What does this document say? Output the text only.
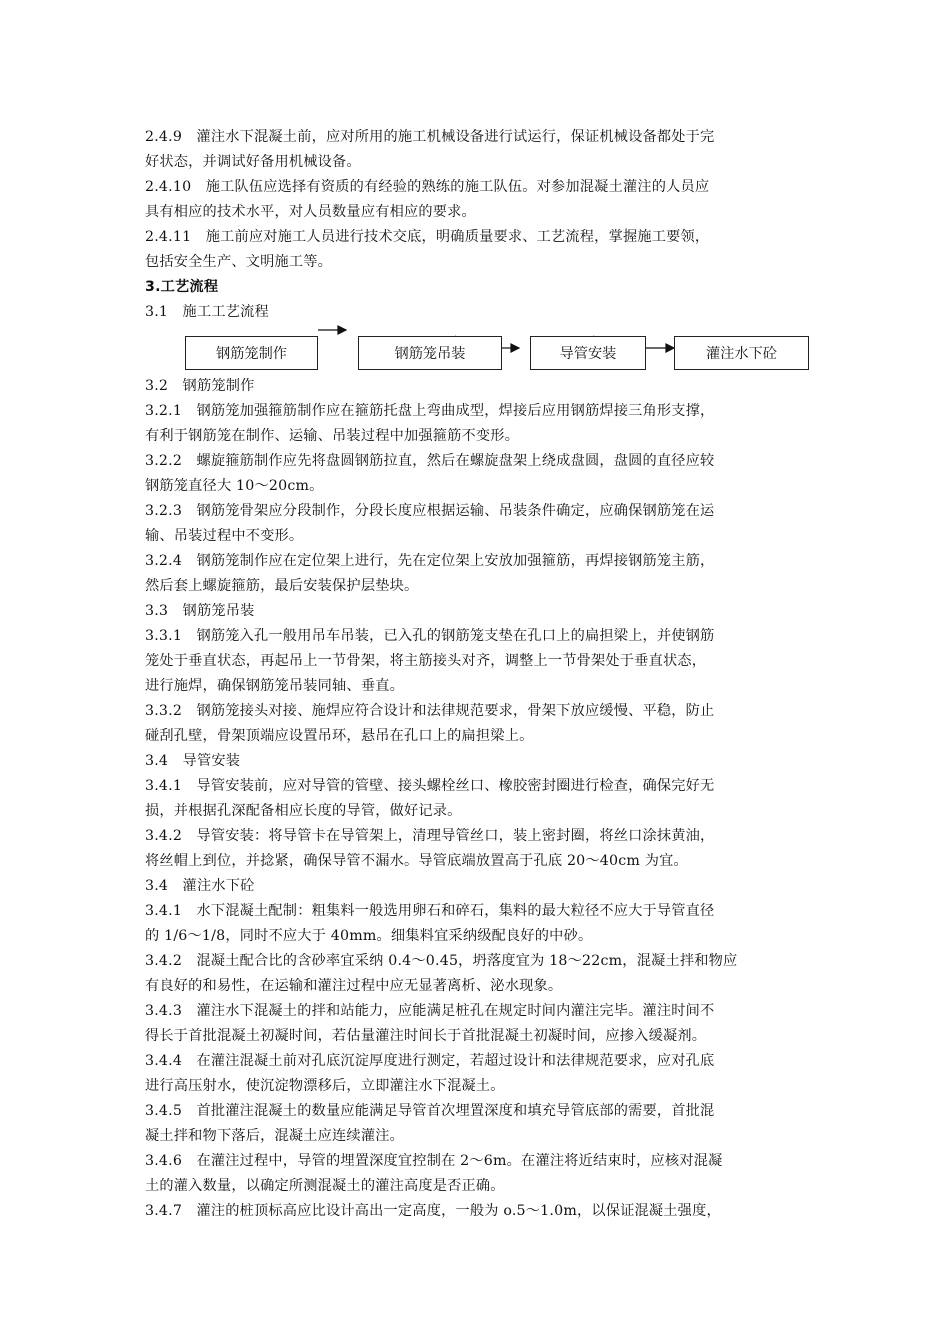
2.4.9　灌注水下混凝土前，应对所用的施工机械设备进行试运行，保证机械设备都处于完
好状态，并调试好备用机械设备。
2.4.10　施工队伍应选择有资质的有经验的熟练的施工队伍。对参加混凝土灌注的人员应
具有相应的技术水平，对人员数量应有相应的要求。
2.4.11　施工前应对施工人员进行技术交底，明确质量要求、工艺流程，掌握施工要领，
包括安全生产、文明施工等。
3.工艺流程
3.1　施工工艺流程
钢筋笼制作	钢筋笼吊装	导管安装	灌注水下砼
3.2　钢筋笼制作
3.2.1　钢筋笼加强箍筋制作应在箍筋托盘上弯曲成型，焊接后应用钢筋焊接三角形支撑，
有利于钢筋笼在制作、运输、吊装过程中加强箍筋不变形。
3.2.2　螺旋箍筋制作应先将盘圆钢筋拉直，然后在螺旋盘架上绕成盘圆，盘圆的直径应较
钢筋笼直径大 10～20cm。
3.2.3　钢筋笼骨架应分段制作，分段长度应根据运输、吊装条件确定，应确保钢筋笼在运
输、吊装过程中不变形。
3.2.4　钢筋笼制作应在定位架上进行，先在定位架上安放加强箍筋，再焊接钢筋笼主筋，
然后套上螺旋箍筋，最后安装保护层垫块。
3.3　钢筋笼吊装
3.3.1　钢筋笼入孔一般用吊车吊装，已入孔的钢筋笼支垫在孔口上的扁担梁上，并使钢筋
笼处于垂直状态，再起吊上一节骨架，将主筋接头对齐，调整上一节骨架处于垂直状态，
进行施焊，确保钢筋笼吊装同轴、垂直。
3.3.2　钢筋笼接头对接、施焊应符合设计和法律规范要求，骨架下放应缓慢、平稳，防止
碰刮孔壁，骨架顶端应设置吊环，悬吊在孔口上的扁担梁上。
3.4　导管安装
3.4.1　导管安装前，应对导管的管壁、接头螺栓丝口、橡胶密封圈进行检查，确保完好无
损，并根据孔深配备相应长度的导管，做好记录。
3.4.2　导管安装：将导管卡在导管架上，清理导管丝口，装上密封圈，将丝口涂抹黄油，
将丝帽上到位，并捻紧，确保导管不漏水。导管底端放置高于孔底 20～40cm 为宜。
3.4　灌注水下砼
3.4.1　水下混凝土配制：粗集料一般选用卵石和碎石，集料的最大粒径不应大于导管直径
的 1/6～1/8，同时不应大于 40mm。细集料宜采纳级配良好的中砂。
3.4.2　混凝土配合比的含砂率宜采纳 0.4～0.45，坍落度宜为 18～22cm，混凝土拌和物应
有良好的和易性，在运输和灌注过程中应无显著离析、泌水现象。
3.4.3　灌注水下混凝土的拌和站能力，应能满足桩孔在规定时间内灌注完毕。灌注时间不
得长于首批混凝土初凝时间，若估量灌注时间长于首批混凝土初凝时间，应掺入缓凝剂。
3.4.4　在灌注混凝土前对孔底沉淀厚度进行测定，若超过设计和法律规范要求，应对孔底
进行高压射水，使沉淀物漂移后，立即灌注水下混凝土。
3.4.5　首批灌注混凝土的数量应能满足导管首次埋置深度和填充导管底部的需要，首批混
凝土拌和物下落后，混凝土应连续灌注。
3.4.6　在灌注过程中，导管的埋置深度宜控制在 2～6m。在灌注将近结束时，应核对混凝
土的灌入数量，以确定所测混凝土的灌注高度是否正确。
3.4.7　灌注的桩顶标高应比设计高出一定高度，一般为 o.5～1.0m，以保证混凝土强度，
